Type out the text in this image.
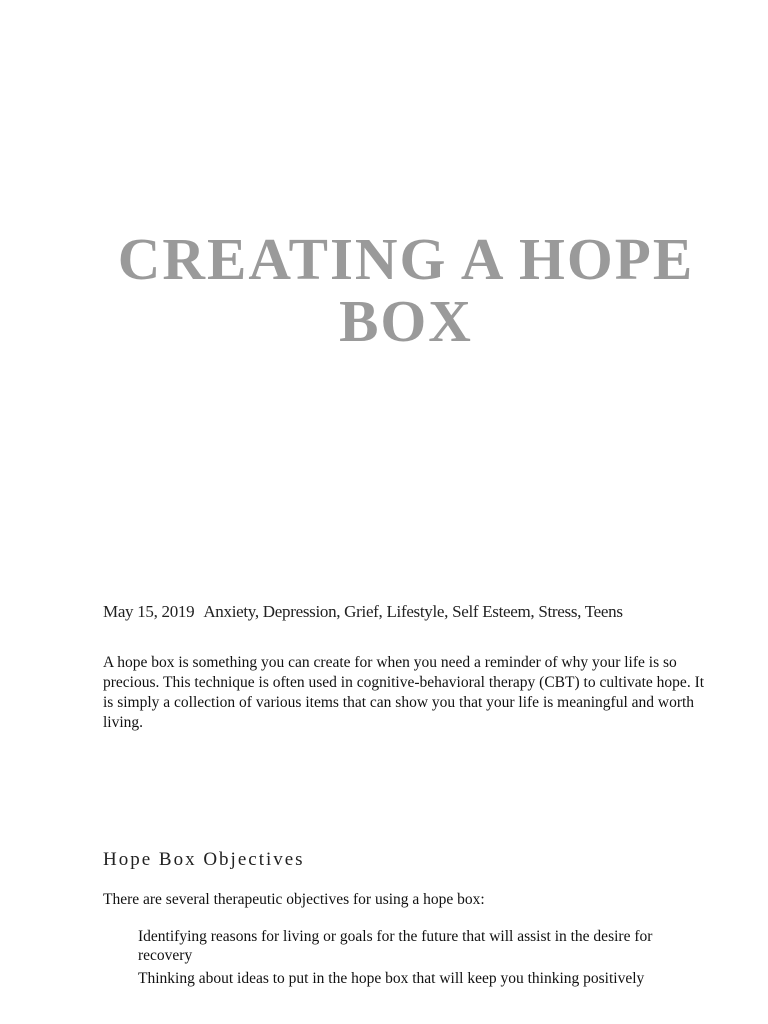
CREATING A HOPE
BOX
May 15, 2019 Anxiety, Depression, Grief, Lifestyle, Self Esteem, Stress, Teens

A hope box is something you can create for when you need a reminder of why your life is so precious. This technique is often used in cognitive-behavioral therapy (CBT) to cultivate hope. It is simply a collection of various items that can show you that your life is meaningful and worth living.

Hope Box Objectives

There are several therapeutic objectives for using a hope box:

Identifying reasons for living or goals for the future that will assist in the desire for recovery
Thinking about ideas to put in the hope box that will keep you thinking positively
